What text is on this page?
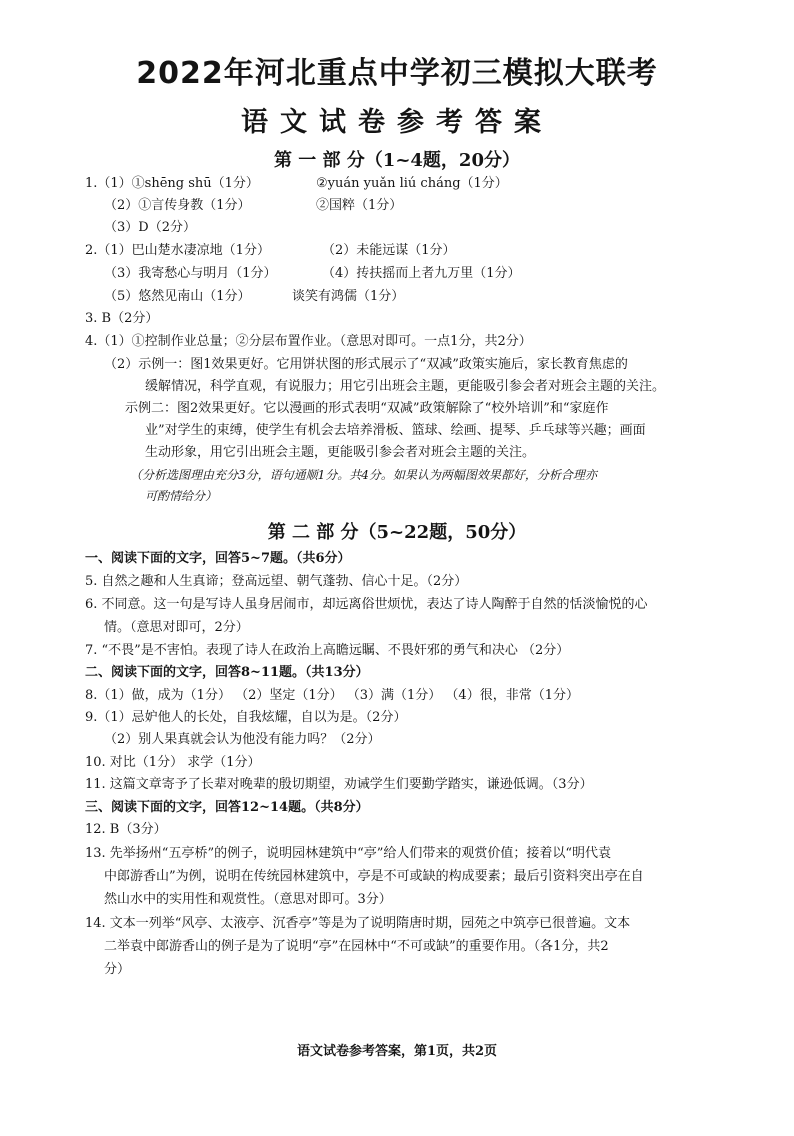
2022年河北重点中学初三模拟大联考
语文试卷参考答案
第 一 部 分（1~4题，20分）
1.（1）①shēng shū（1分）	②yuán yuǎn liú cháng（1分）
（2）①言传身教（1分）	②国粹（1分）
（3）D（2分）
2.（1）巴山楚水凄凉地（1分）	（2）未能远谋（1分）
（3）我寄愁心与明月（1分）	（4）抟扶摇而上者九万里（1分）
（5）悠然见南山（1分）	谈笑有鸿儒（1分）
3. B（2分）
4.（1）①控制作业总量；②分层布置作业。（意思对即可。一点1分，共2分）
（2）示例一：图1效果更好。它用饼状图的形式展示了“双减”政策实施后，家长教育焦虑的
缓解情况，科学直观，有说服力；用它引出班会主题，更能吸引参会者对班会主题的关注。
示例二：图2效果更好。它以漫画的形式表明“双减”政策解除了“校外培训”和“家庭作
业”对学生的束缚，使学生有机会去培养滑板、篮球、绘画、提琴、乒乓球等兴趣；画面
生动形象，用它引出班会主题，更能吸引参会者对班会主题的关注。
（分析选图理由充分3分，语句通顺1分。共4分。如果认为两幅图效果都好，分析合理亦
可酌情给分）
第 二 部 分（5~22题，50分）
一、阅读下面的文字，回答5~7题。（共6分）
5. 自然之趣和人生真谛；登高远望、朝气蓬勃、信心十足。（2分）
6. 不同意。这一句是写诗人虽身居闹市，却远离俗世烦忧，表达了诗人陶醉于自然的恬淡愉悦的心
情。（意思对即可，2分）
7. “不畏”是不害怕。表现了诗人在政治上高瞻远瞩、不畏奸邪的勇气和决心 （2分）
二、阅读下面的文字，回答8~11题。（共13分）
8.（1）做，成为（1分） （2）坚定（1分） （3）满（1分） （4）很，非常（1分）
9.（1）忌妒他人的长处，自我炫耀，自以为是。（2分）
（2）别人果真就会认为他没有能力吗？（2分）
10. 对比（1分） 求学（1分）
11. 这篇文章寄予了长辈对晚辈的殷切期望，劝诫学生们要勤学踏实，谦逊低调。（3分）
三、阅读下面的文字，回答12~14题。（共8分）
12. B（3分）
13. 先举扬州“五亭桥”的例子，说明园林建筑中“亭”给人们带来的观赏价值；接着以“明代袁
中郎游香山”为例，说明在传统园林建筑中，亭是不可或缺的构成要素；最后引资料突出亭在自
然山水中的实用性和观赏性。（意思对即可。3分）
14. 文本一列举“风亭、太液亭、沉香亭”等是为了说明隋唐时期，园苑之中筑亭已很普遍。文本
二举袁中郎游香山的例子是为了说明“亭”在园林中“不可或缺”的重要作用。（各1分，共2
分）
语文试卷参考答案，第1页，共2页
